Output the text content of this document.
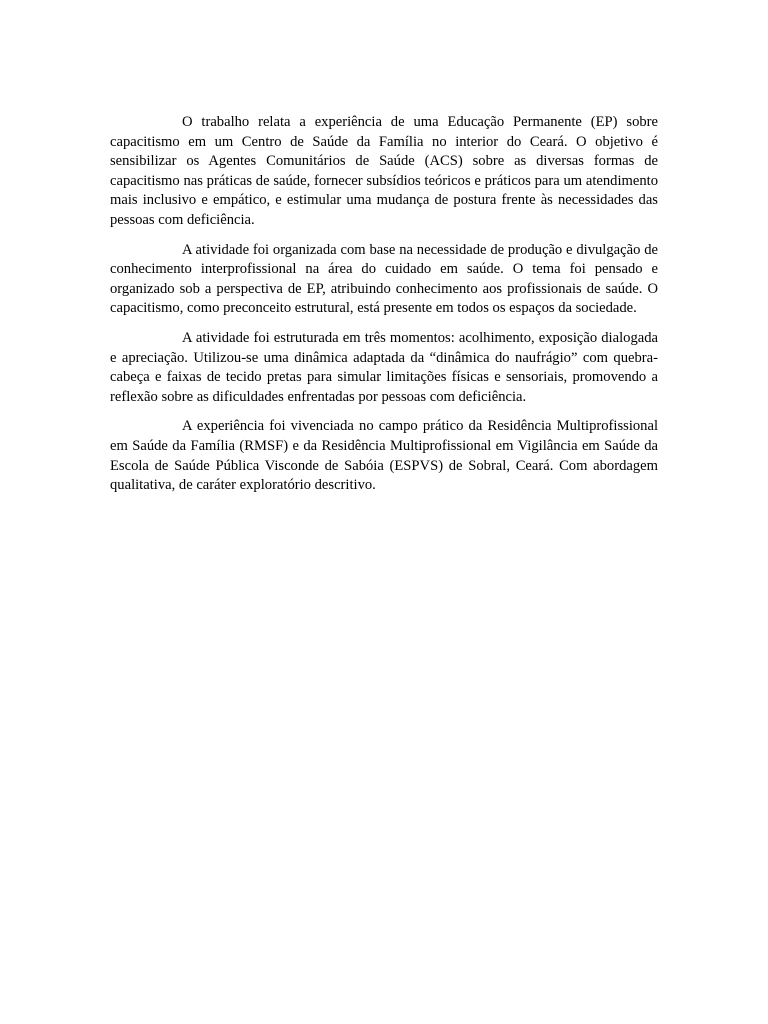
O trabalho relata a experiência de uma Educação Permanente (EP) sobre capacitismo em um Centro de Saúde da Família no interior do Ceará. O objetivo é sensibilizar os Agentes Comunitários de Saúde (ACS) sobre as diversas formas de capacitismo nas práticas de saúde, fornecer subsídios teóricos e práticos para um atendimento mais inclusivo e empático, e estimular uma mudança de postura frente às necessidades das pessoas com deficiência.

A atividade foi organizada com base na necessidade de produção e divulgação de conhecimento interprofissional na área do cuidado em saúde. O tema foi pensado e organizado sob a perspectiva de EP, atribuindo conhecimento aos profissionais de saúde. O capacitismo, como preconceito estrutural, está presente em todos os espaços da sociedade.

A atividade foi estruturada em três momentos: acolhimento, exposição dialogada e apreciação. Utilizou-se uma dinâmica adaptada da “dinâmica do naufrágio” com quebra-cabeça e faixas de tecido pretas para simular limitações físicas e sensoriais, promovendo a reflexão sobre as dificuldades enfrentadas por pessoas com deficiência.

A experiência foi vivenciada no campo prático da Residência Multiprofissional em Saúde da Família (RMSF) e da Residência Multiprofissional em Vigilância em Saúde da Escola de Saúde Pública Visconde de Sabóia (ESPVS) de Sobral, Ceará. Com abordagem qualitativa, de caráter exploratório descritivo.
